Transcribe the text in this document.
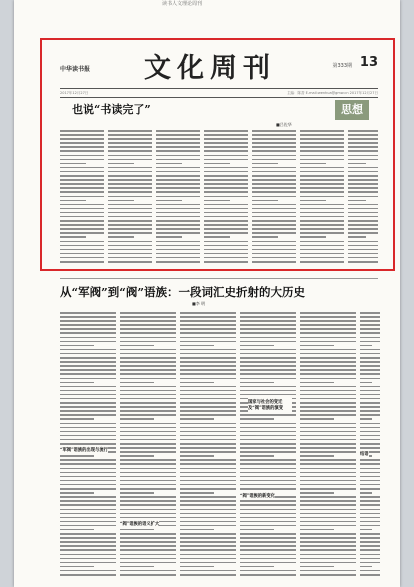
读书人文理论周刊
中华读书报 文化周刊	第333期 13
2017年12月27日	主编：陈香 E-mail:wenhua@gmw.cn 2017年12月27日
也说“书读完了”
■吕佐华
思想
从“军阀”到“阀”语族：一段词汇史折射的大历史
■李 明
“军阀”语族的出现与流行
“阀”语族的语义扩大
国家与社会的变迁及“阀”语族的演变
“阀”语族的新变化
结语
